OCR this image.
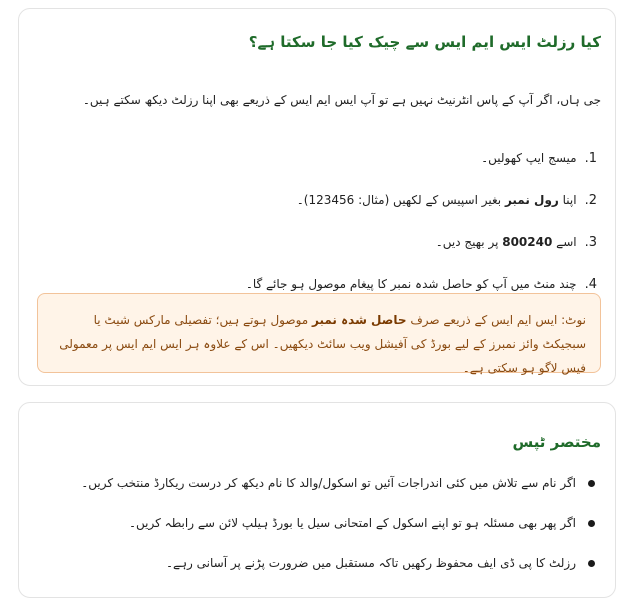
کیا رزلٹ ایس ایم ایس سے چیک کیا جا سکتا ہے؟
جی ہاں، اگر آپ کے پاس انٹرنیٹ نہیں ہے تو آپ ایس ایم ایس کے ذریعے بھی اپنا رزلٹ دیکھ سکتے ہیں۔
1.
میسج ایپ کھولیں۔
2.
اپنا رول نمبر بغیر اسپیس کے لکھیں (مثال: 123456)۔
3.
اسے 800240 پر بھیج دیں۔
4.
چند منٹ میں آپ کو حاصل شدہ نمبر کا پیغام موصول ہو جائے گا۔
نوٹ: ایس ایم ایس کے ذریعے صرف حاصل شدہ نمبر موصول ہوتے ہیں؛ تفصیلی مارکس شیٹ یا سبجیکٹ وائز نمبرز کے لیے بورڈ کی آفیشل ویب سائٹ دیکھیں۔ اس کے علاوہ ہر ایس ایم ایس پر معمولی فیس لاگو ہو سکتی ہے۔
مختصر ٹپس
اگر نام سے تلاش میں کئی اندراجات آئیں تو اسکول/والد کا نام دیکھ کر درست ریکارڈ منتخب کریں۔
اگر پھر بھی مسئلہ ہو تو اپنے اسکول کے امتحانی سیل یا بورڈ ہیلپ لائن سے رابطہ کریں۔
رزلٹ کا پی ڈی ایف محفوظ رکھیں تاکہ مستقبل میں ضرورت پڑنے پر آسانی رہے۔
